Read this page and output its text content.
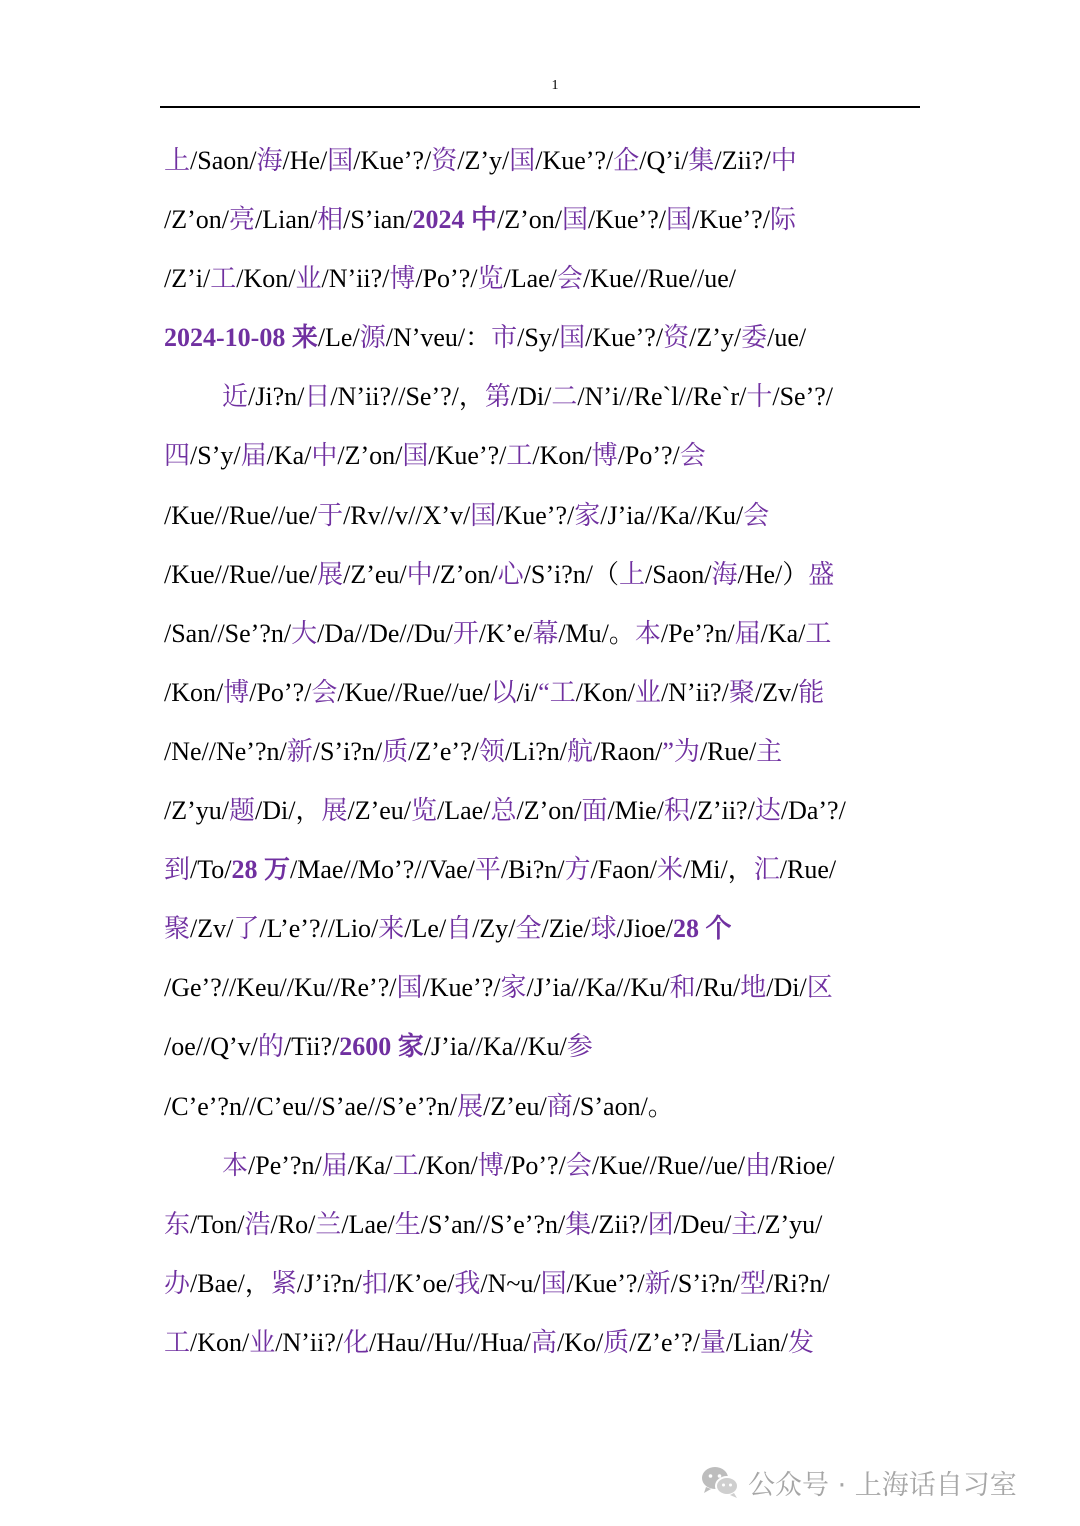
1
上/Saon/海/He/国/Kue’?/资/Z’y/国/Kue’?/企/Q’i/集/Zii?/中
/Z’on/亮/Lian/相/S’ian/2024 中/Z’on/国/Kue’?/国/Kue’?/际
/Z’i/工/Kon/业/N’ii?/博/Po’?/览/Lae/会/Kue//Rue//ue/
2024-10-08 来/Le/源/N’veu/：市/Sy/国/Kue’?/资/Z’y/委/ue/
近/Ji?n/日/N’ii?//Se’?/，第/Di/二/N’i//Re`l//Re`r/十/Se’?/
四/S’y/届/Ka/中/Z’on/国/Kue’?/工/Kon/博/Po’?/会
/Kue//Rue//ue/于/Rv//v//X’v/国/Kue’?/家/J’ia//Ka//Ku/会
/Kue//Rue//ue/展/Z’eu/中/Z’on/心/S’i?n/（上/Saon/海/He/）盛
/San//Se’?n/大/Da//De//Du/开/K’e/幕/Mu/。本/Pe’?n/届/Ka/工
/Kon/博/Po’?/会/Kue//Rue//ue/以/i/“工/Kon/业/N’ii?/聚/Zv/能
/Ne//Ne’?n/新/S’i?n/质/Z’e’?/领/Li?n/航/Raon/”为/Rue/主
/Z’yu/题/Di/，展/Z’eu/览/Lae/总/Z’on/面/Mie/积/Z’ii?/达/Da’?/
到/To/28 万/Mae//Mo’?//Vae/平/Bi?n/方/Faon/米/Mi/，汇/Rue/
聚/Zv/了/L’e’?//Lio/来/Le/自/Zy/全/Zie/球/Jioe/28 个
/Ge’?//Keu//Ku//Re’?/国/Kue’?/家/J’ia//Ka//Ku/和/Ru/地/Di/区
/oe//Q’v/的/Tii?/2600 家/J’ia//Ka//Ku/参
/C’e’?n//C’eu//S’ae//S’e’?n/展/Z’eu/商/S’aon/。
本/Pe’?n/届/Ka/工/Kon/博/Po’?/会/Kue//Rue//ue/由/Rioe/
东/Ton/浩/Ro/兰/Lae/生/S’an//S’e’?n/集/Zii?/团/Deu/主/Z’yu/
办/Bae/，紧/J’i?n/扣/K’oe/我/N~u/国/Kue’?/新/S’i?n/型/Ri?n/
工/Kon/业/N’ii?/化/Hau//Hu//Hua/高/Ko/质/Z’e’?/量/Lian/发
公众号 · 上海话自习室
